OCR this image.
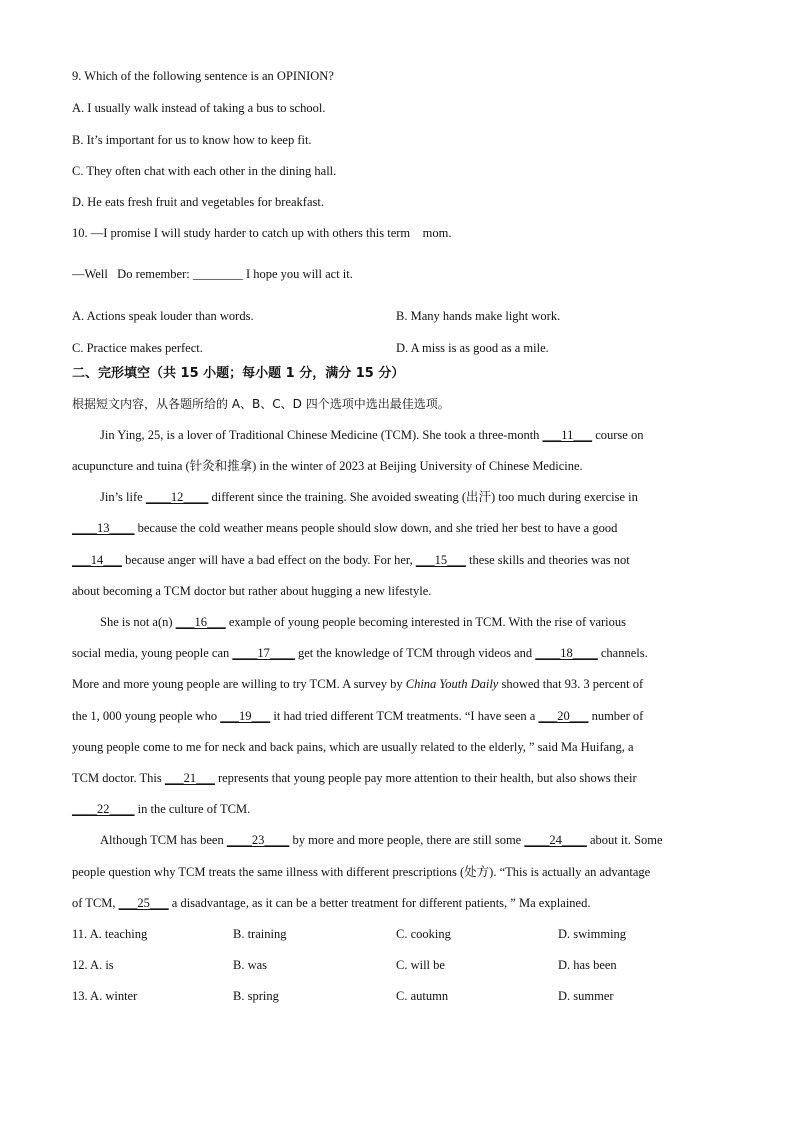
9. Which of the following sentence is an OPINION?
A. I usually walk instead of taking a bus to school.
B. It’s important for us to know how to keep fit.
C. They often chat with each other in the dining hall.
D. He eats fresh fruit and vegetables for breakfast.
10. —I promise I will study harder to catch up with others this term    mom.
—Well   Do remember: ________ I hope you will act it.
A. Actions speak louder than words.	B. Many hands make light work.
C. Practice makes perfect.	D. A miss is as good as a mile.
二、完形填空（共 15 小题；每小题 1 分，满分 15 分）
根据短文内容，从各题所给的 A、B、C、D 四个选项中选出最佳选项。
Jin Ying, 25, is a lover of Traditional Chinese Medicine (TCM). She took a three-month ___11___ course on
acupuncture and tuina (针灸和推拿) in the winter of 2023 at Beijing University of Chinese Medicine.
Jin’s life ____12____ different since the training. She avoided sweating (出汗) too much during exercise in
____13____ because the cold weather means people should slow down, and she tried her best to have a good
___14___ because anger will have a bad effect on the body. For her, ___15___ these skills and theories was not
about becoming a TCM doctor but rather about hugging a new lifestyle.
She is not a(n) ___16___ example of young people becoming interested in TCM. With the rise of various
social media, young people can ____17____ get the knowledge of TCM through videos and ____18____ channels.
More and more young people are willing to try TCM. A survey by China Youth Daily showed that 93. 3 percent of
the 1, 000 young people who ___19___ it had tried different TCM treatments. “I have seen a ___20___ number of
young people come to me for neck and back pains, which are usually related to the elderly, ” said Ma Huifang, a
TCM doctor. This ___21___ represents that young people pay more attention to their health, but also shows their
____22____ in the culture of TCM.
Although TCM has been ____23____ by more and more people, there are still some ____24____ about it. Some
people question why TCM treats the same illness with different prescriptions (处方). “This is actually an advantage
of TCM, ___25___ a disadvantage, as it can be a better treatment for different patients, ” Ma explained.
11. A. teaching	B. training	C. cooking	D. swimming
12. A. is	B. was	C. will be	D. has been
13. A. winter	B. spring	C. autumn	D. summer
